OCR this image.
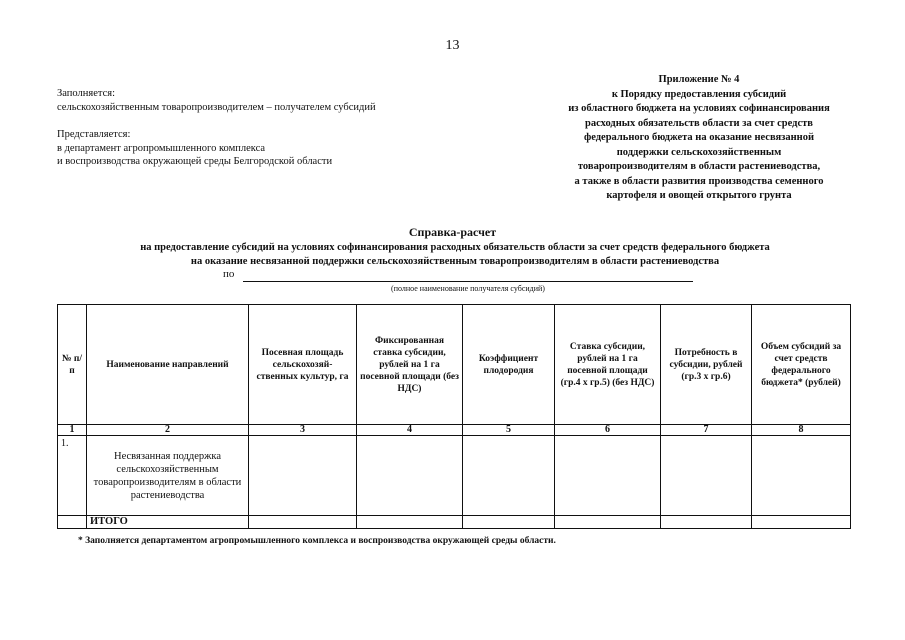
13
Заполняется:
сельскохозяйственным товаропроизводителем – получателем субсидий
Представляется:
в департамент агропромышленного комплекса
и воспроизводства окружающей среды Белгородской области
Приложение № 4
к Порядку предоставления субсидий
из областного бюджета на условиях софинансирования
расходных обязательств области за счет средств
федерального бюджета на оказание несвязанной
поддержки сельскохозяйственным
товаропроизводителям в области растениеводства,
а также в области развития производства семенного
картофеля и овощей открытого грунта
Справка-расчет
на предоставление субсидий на условиях софинансирования расходных обязательств области за счет средств федерального бюджета
на оказание несвязанной поддержки сельскохозяйственным товаропроизводителям в области растениеводства
по
(полное наименование получателя субсидий)
№ п/п	Наименование направлений	Посевная площадь сельскохозяй-ственных культур, га	Фиксированная ставка субсидии, рублей на 1 га посевной площади (без НДС)	Коэффициент плодородия	Ставка субсидии, рублей на 1 га посевной площади (гр.4 х гр.5) (без НДС)	Потребность в субсидии, рублей (гр.3 х гр.6)	Объем субсидий за счет средств федерального бюджета* (рублей)
1	2	3	4	5	6	7	8
1.	Несвязанная поддержка сельскохозяйственным товаропроизводителям в области растениеводства						
	ИТОГО						
* Заполняется департаментом агропромышленного комплекса и воспроизводства окружающей среды области.
